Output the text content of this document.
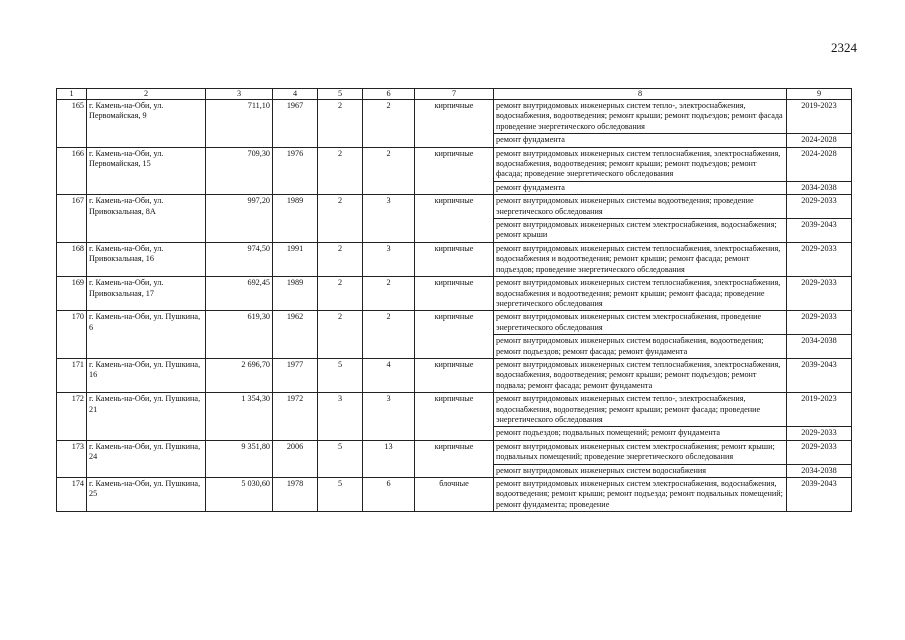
2324
1	2	3	4	5	6	7	8	9
165	г. Камень-на-Оби, ул. Первомайская, 9	711,10	1967	2	2	кирпичные	ремонт внутридомовых инженерных систем тепло-, электроснабжения, водоснабжения, водоотведения; ремонт крыши; ремонт подъездов; ремонт фасада проведение энергетического обследования	2019-2023
							ремонт фундамента	2024-2028
166	г. Камень-на-Оби, ул. Первомайская, 15	709,30	1976	2	2	кирпичные	ремонт внутридомовых инженерных систем теплоснабжения, электроснабжения, водоснабжения, водоотведения; ремонт крыши; ремонт подъездов; ремонт фасада; проведение энергетического обследования	2024-2028
							ремонт фундамента	2034-2038
167	г. Камень-на-Оби, ул. Привокзальная, 8А	997,20	1989	2	3	кирпичные	ремонт внутридомовых инженерных системы водоотведения; проведение энергетического обследования	2029-2033
							ремонт внутридомовых инженерных систем электроснабжения, водоснабжения; ремонт крыши	2039-2043
168	г. Камень-на-Оби, ул. Привокзальная, 16	974,50	1991	2	3	кирпичные	ремонт внутридомовых инженерных систем теплоснабжения, электроснабжения, водоснабжения и водоотведения; ремонт крыши; ремонт фасада; ремонт подъездов; проведение энергетического обследования	2029-2033
169	г. Камень-на-Оби, ул. Привокзальная, 17	692,45	1989	2	2	кирпичные	ремонт внутридомовых инженерных систем теплоснабжения, электроснабжения, водоснабжения и водоотведения; ремонт крыши; ремонт фасада; проведение энергетического обследования	2029-2033
170	г. Камень-на-Оби, ул. Пушкина, 6	619,30	1962	2	2	кирпичные	ремонт внутридомовых инженерных систем электроснабжения, проведение энергетического обследования	2029-2033
							ремонт внутридомовых инженерных систем водоснабжения, водоотведения; ремонт подъездов; ремонт фасада; ремонт фундамента	2034-2038
171	г. Камень-на-Оби, ул. Пушкина, 16	2 696,70	1977	5	4	кирпичные	ремонт внутридомовых инженерных систем теплоснабжения, электроснабжения, водоснабжения, водоотведения; ремонт крыши; ремонт подъездов; ремонт подвала; ремонт фасада; ремонт фундамента	2039-2043
172	г. Камень-на-Оби, ул. Пушкина, 21	1 354,30	1972	3	3	кирпичные	ремонт внутридомовых инженерных систем тепло-, электроснабжения, водоснабжения, водоотведения; ремонт крыши; ремонт фасада; проведение энергетического обследования	2019-2023
							ремонт подъездов; подвальных помещений; ремонт фундамента	2029-2033
173	г. Камень-на-Оби, ул. Пушкина, 24	9 351,80	2006	5	13	кирпичные	ремонт внутридомовых инженерных систем электроснабжения; ремонт крыши; подвальных помещений; проведение энергетического обследования	2029-2033
							ремонт внутридомовых инженерных систем водоснабжения	2034-2038
174	г. Камень-на-Оби, ул. Пушкина, 25	5 030,60	1978	5	6	блочные	ремонт внутридомовых инженерных систем электроснабжения, водоснабжения, водоотведения; ремонт крыши; ремонт подъезда; ремонт подвальных помещений; ремонт фундамента; проведение	2039-2043
